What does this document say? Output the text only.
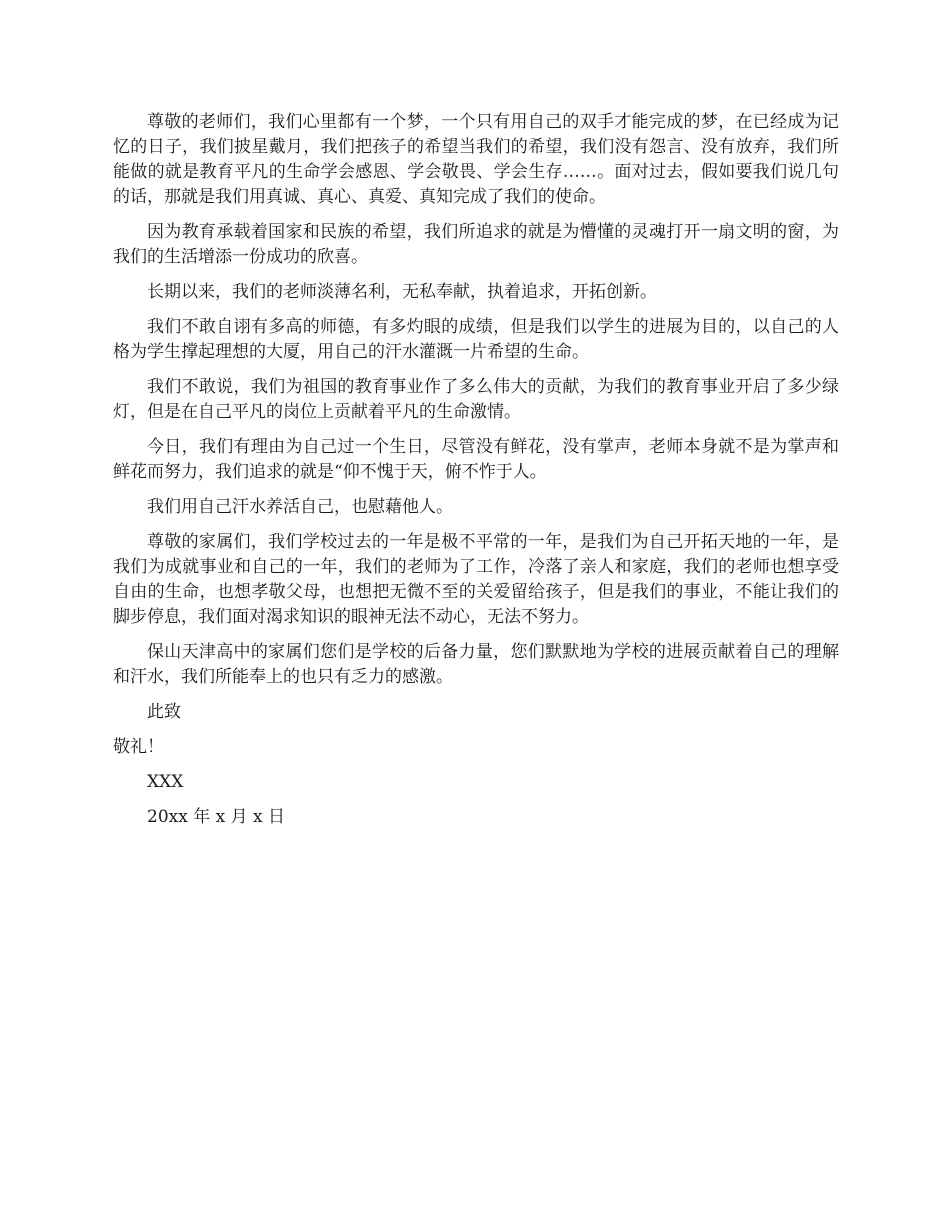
尊敬的老师们，我们心里都有一个梦，一个只有用自己的双手才能完成的梦，在已经成为记忆的日子，我们披星戴月，我们把孩子的希望当我们的希望，我们没有怨言、没有放弃，我们所能做的就是教育平凡的生命学会感恩、学会敬畏、学会生存……。面对过去，假如要我们说几句的话，那就是我们用真诚、真心、真爱、真知完成了我们的使命。

因为教育承载着国家和民族的希望，我们所追求的就是为懵懂的灵魂打开一扇文明的窗，为我们的生活增添一份成功的欣喜。

长期以来，我们的老师淡薄名利，无私奉献，执着追求，开拓创新。

我们不敢自诩有多高的师德，有多灼眼的成绩，但是我们以学生的进展为目的，以自己的人格为学生撑起理想的大厦，用自己的汗水灌溉一片希望的生命。

我们不敢说，我们为祖国的教育事业作了多么伟大的贡献，为我们的教育事业开启了多少绿灯，但是在自己平凡的岗位上贡献着平凡的生命激情。

今日，我们有理由为自己过一个生日，尽管没有鲜花，没有掌声，老师本身就不是为掌声和鲜花而努力，我们追求的就是“仰不愧于天，俯不怍于人。

我们用自己汗水养活自己，也慰藉他人。

尊敬的家属们，我们学校过去的一年是极不平常的一年，是我们为自己开拓天地的一年，是我们为成就事业和自己的一年，我们的老师为了工作，冷落了亲人和家庭，我们的老师也想享受自由的生命，也想孝敬父母，也想把无微不至的关爱留给孩子，但是我们的事业，不能让我们的脚步停息，我们面对渴求知识的眼神无法不动心，无法不努力。

保山天津高中的家属们您们是学校的后备力量，您们默默地为学校的进展贡献着自己的理解和汗水，我们所能奉上的也只有乏力的感激。

此致

敬礼！

XXX

20xx 年 x 月 x 日
